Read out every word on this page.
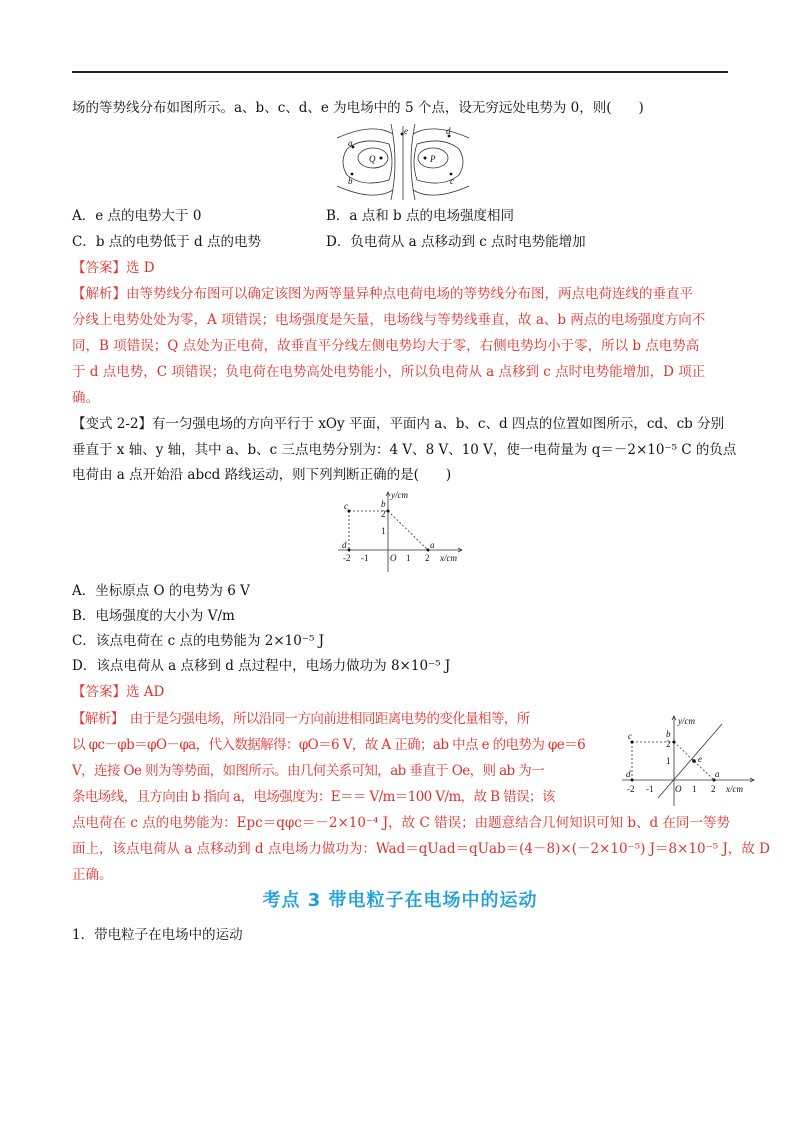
场的等势线分布如图所示。a、b、c、d、e 为电场中的 5 个点，设无穷远处电势为 0，则(　　)
Q	P
a
b
e	d
c
A．e 点的电势大于 0	B．a 点和 b 点的电场强度相同
C．b 点的电势低于 d 点的电势	D．负电荷从 a 点移动到 c 点时电势能增加
【答案】选 D
【解析】由等势线分布图可以确定该图为两等量异种点电荷电场的等势线分布图，两点电荷连线的垂直平
分线上电势处处为零，A 项错误；电场强度是矢量，电场线与等势线垂直，故 a、b 两点的电场强度方向不
同，B 项错误；Q 点处为正电荷，故垂直平分线左侧电势均大于零，右侧电势均小于零，所以 b 点电势高
于 d 点电势，C 项错误；负电荷在电势高处电势能小，所以负电荷从 a 点移到 c 点时电势能增加，D 项正
确。
【变式 2-2】有一匀强电场的方向平行于 xOy 平面，平面内 a、b、c、d 四点的位置如图所示，cd、cb 分别
垂直于 x 轴、y 轴，其中 a、b、c 三点电势分别为：4 V、8 V、10 V，使一电荷量为 q＝－2×10⁻⁵ C 的负点
电荷由 a 点开始沿 abcd 路线运动，则下列判断正确的是(　　)
y/cm
x/cm
O
-2 -1	1 2
1
2
a
b
c
d
A．坐标原点 O 的电势为 6 V
B．电场强度的大小为 V/m
C．该点电荷在 c 点的电势能为 2×10⁻⁵ J
D．该点电荷从 a 点移到 d 点过程中，电场力做功为 8×10⁻⁵ J
【答案】选 AD
【解析】　由于是匀强电场，所以沿同一方向前进相同距离电势的变化量相等，所
以 φc－φb＝φO－φa，代入数据解得：φO＝6 V，故 A 正确；ab 中点 e 的电势为 φe＝6
V，连接 Oe 则为等势面，如图所示。由几何关系可知，ab 垂直于 Oe，则 ab 为一
条电场线，且方向由 b 指向 a，电场强度为：E＝＝ V/m＝100 V/m，故 B 错误；该
点电荷在 c 点的电势能为：Epc＝qφc＝－2×10⁻⁴ J，故 C 错误；由题意结合几何知识可知 b、d 在同一等势
面上，该点电荷从 a 点移动到 d 点电场力做功为：Wad＝qUad＝qUab＝(4－8)×(－2×10⁻⁵) J＝8×10⁻⁵ J，故 D
正确。
y/cm
x/cm
O
-2 -1	1 2
1
2
a
b
c
d
e
考点 3 带电粒子在电场中的运动
1．带电粒子在电场中的运动
